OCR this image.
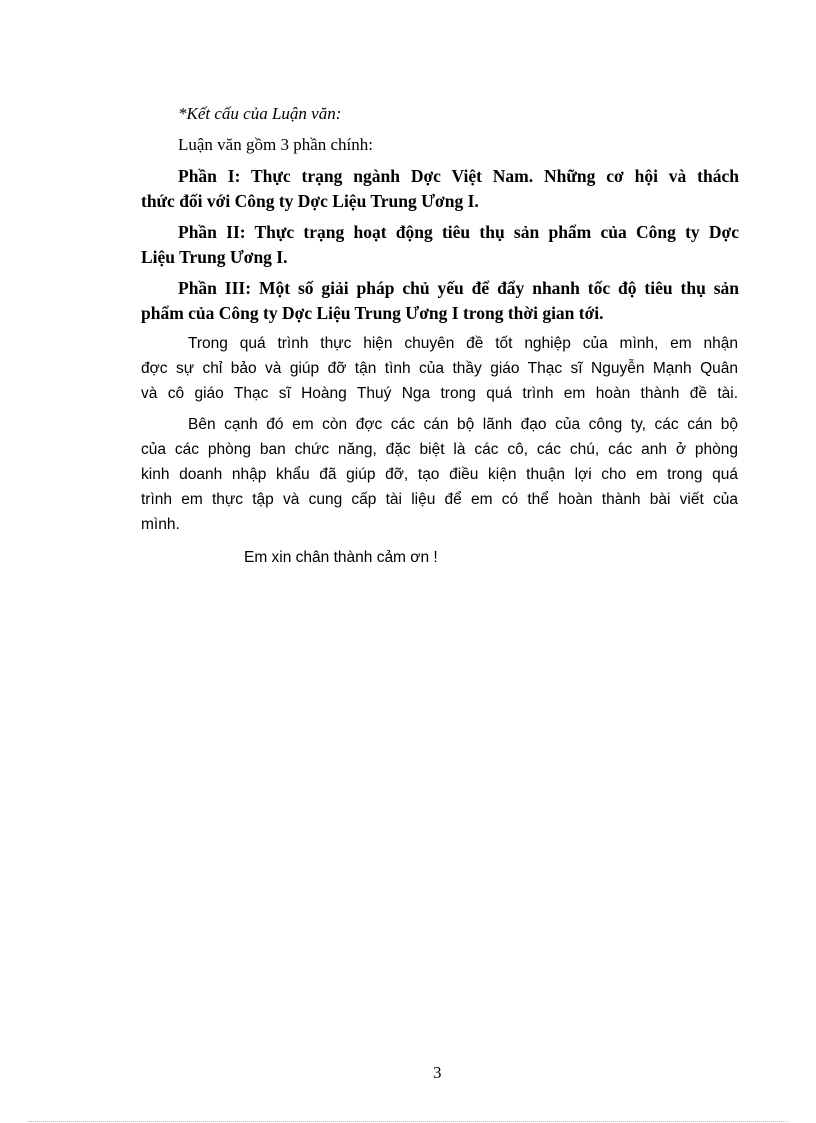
*Kết cấu của Luận văn:
Luận văn gồm 3 phần chính:
Phần I: Thực trạng ngành Dợc Việt Nam. Những cơ hội và thách
thức đối với Công ty Dợc Liệu Trung Ương I.
Phần II: Thực trạng hoạt động tiêu thụ sản phẩm của Công ty Dợc
Liệu Trung Ương I.
Phần III: Một số giải pháp chủ yếu để đẩy nhanh tốc độ tiêu thụ sản
phẩm của Công ty Dợc Liệu Trung Ương I trong thời gian tới.
Trong quá trình thực hiện chuyên đề tốt nghiệp của mình, em nhận
đợc sự chỉ bảo và giúp đỡ tận tình của thầy giáo Thạc sĩ Nguyễn Mạnh Quân
và cô giáo Thạc sĩ Hoàng Thuý Nga trong quá trình em hoàn thành đề tài.
Bên cạnh đó em còn đợc các cán bộ lãnh đạo của công ty, các cán bộ
của các phòng ban chức năng, đặc biệt là các cô, các chú, các anh ở phòng
kinh doanh nhập khẩu đã giúp đỡ, tạo điều kiện thuận lợi cho em trong quá
trình em thực tập và cung cấp tài liệu để em có thể hoàn thành bài viết của
mình.
Em xin chân thành cảm ơn !
3
